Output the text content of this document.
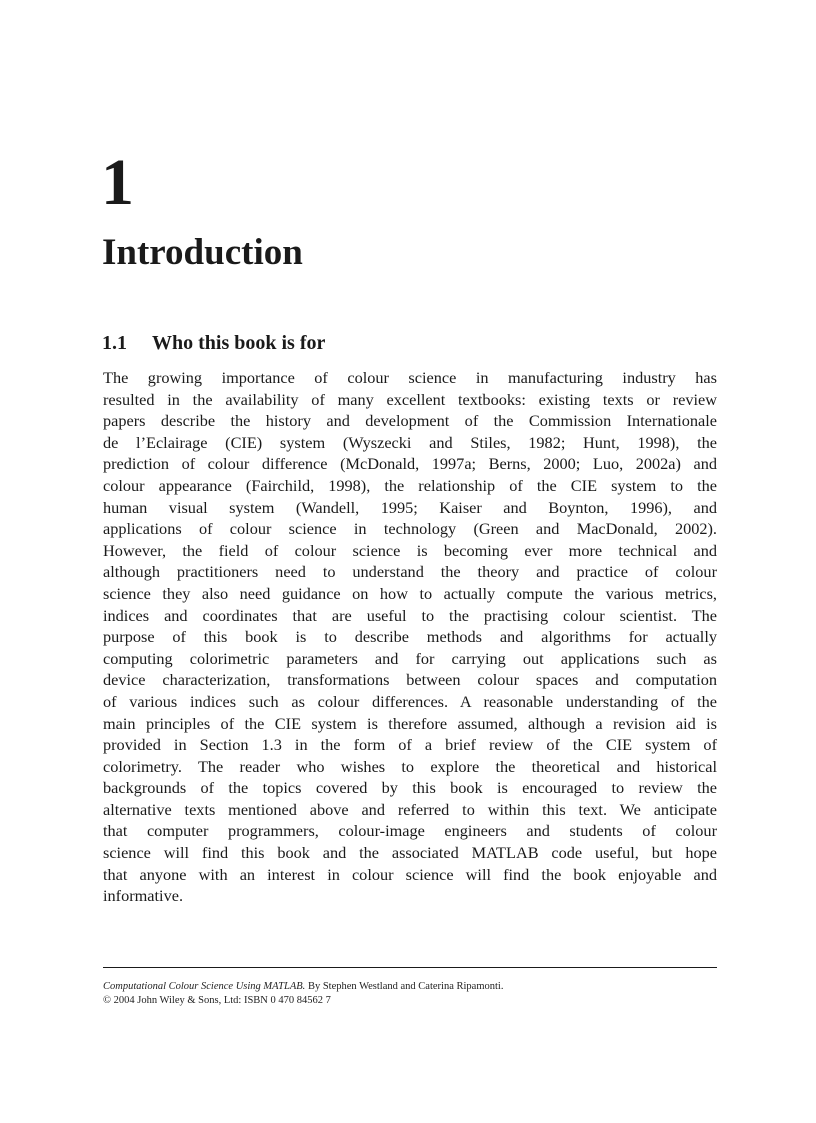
1
Introduction
1.1 Who this book is for
The growing importance of colour science in manufacturing industry has
resulted in the availability of many excellent textbooks: existing texts or review
papers describe the history and development of the Commission Internationale
de l’Eclairage (CIE) system (Wyszecki and Stiles, 1982; Hunt, 1998), the
prediction of colour difference (McDonald, 1997a; Berns, 2000; Luo, 2002a) and
colour appearance (Fairchild, 1998), the relationship of the CIE system to the
human visual system (Wandell, 1995; Kaiser and Boynton, 1996), and
applications of colour science in technology (Green and MacDonald, 2002).
However, the field of colour science is becoming ever more technical and
although practitioners need to understand the theory and practice of colour
science they also need guidance on how to actually compute the various metrics,
indices and coordinates that are useful to the practising colour scientist. The
purpose of this book is to describe methods and algorithms for actually
computing colorimetric parameters and for carrying out applications such as
device characterization, transformations between colour spaces and computation
of various indices such as colour differences. A reasonable understanding of the
main principles of the CIE system is therefore assumed, although a revision aid is
provided in Section 1.3 in the form of a brief review of the CIE system of
colorimetry. The reader who wishes to explore the theoretical and historical
backgrounds of the topics covered by this book is encouraged to review the
alternative texts mentioned above and referred to within this text. We anticipate
that computer programmers, colour-image engineers and students of colour
science will find this book and the associated MATLAB code useful, but hope
that anyone with an interest in colour science will find the book enjoyable and
informative.
Computational Colour Science Using MATLAB. By Stephen Westland and Caterina Ripamonti.
© 2004 John Wiley & Sons, Ltd: ISBN 0 470 84562 7
